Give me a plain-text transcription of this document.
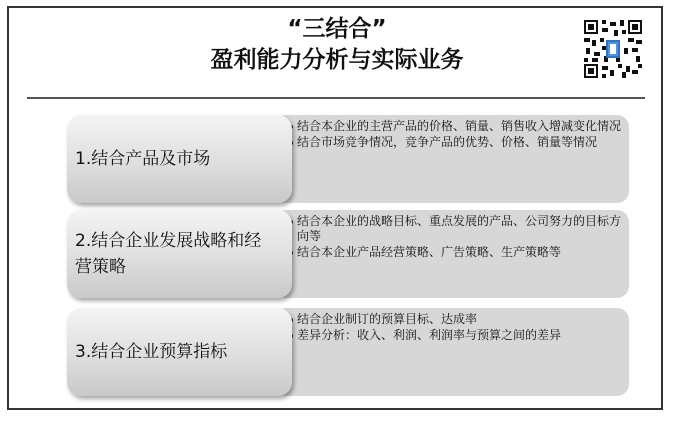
“三结合”
盈利能力分析与实际业务
结合本企业的主营产品的价格、销量、销售收入增减变化情况
结合市场竞争情况，竞争产品的优势、价格、销量等情况
1.结合产品及市场
结合本企业的战略目标、重点发展的产品、公司努力的目标方向等
结合本企业产品经营策略、广告策略、生产策略等
2.结合企业发展战略和经营策略
结合企业制订的预算目标、达成率
差异分析：收入、利润、利润率与预算之间的差异
3.结合企业预算指标
